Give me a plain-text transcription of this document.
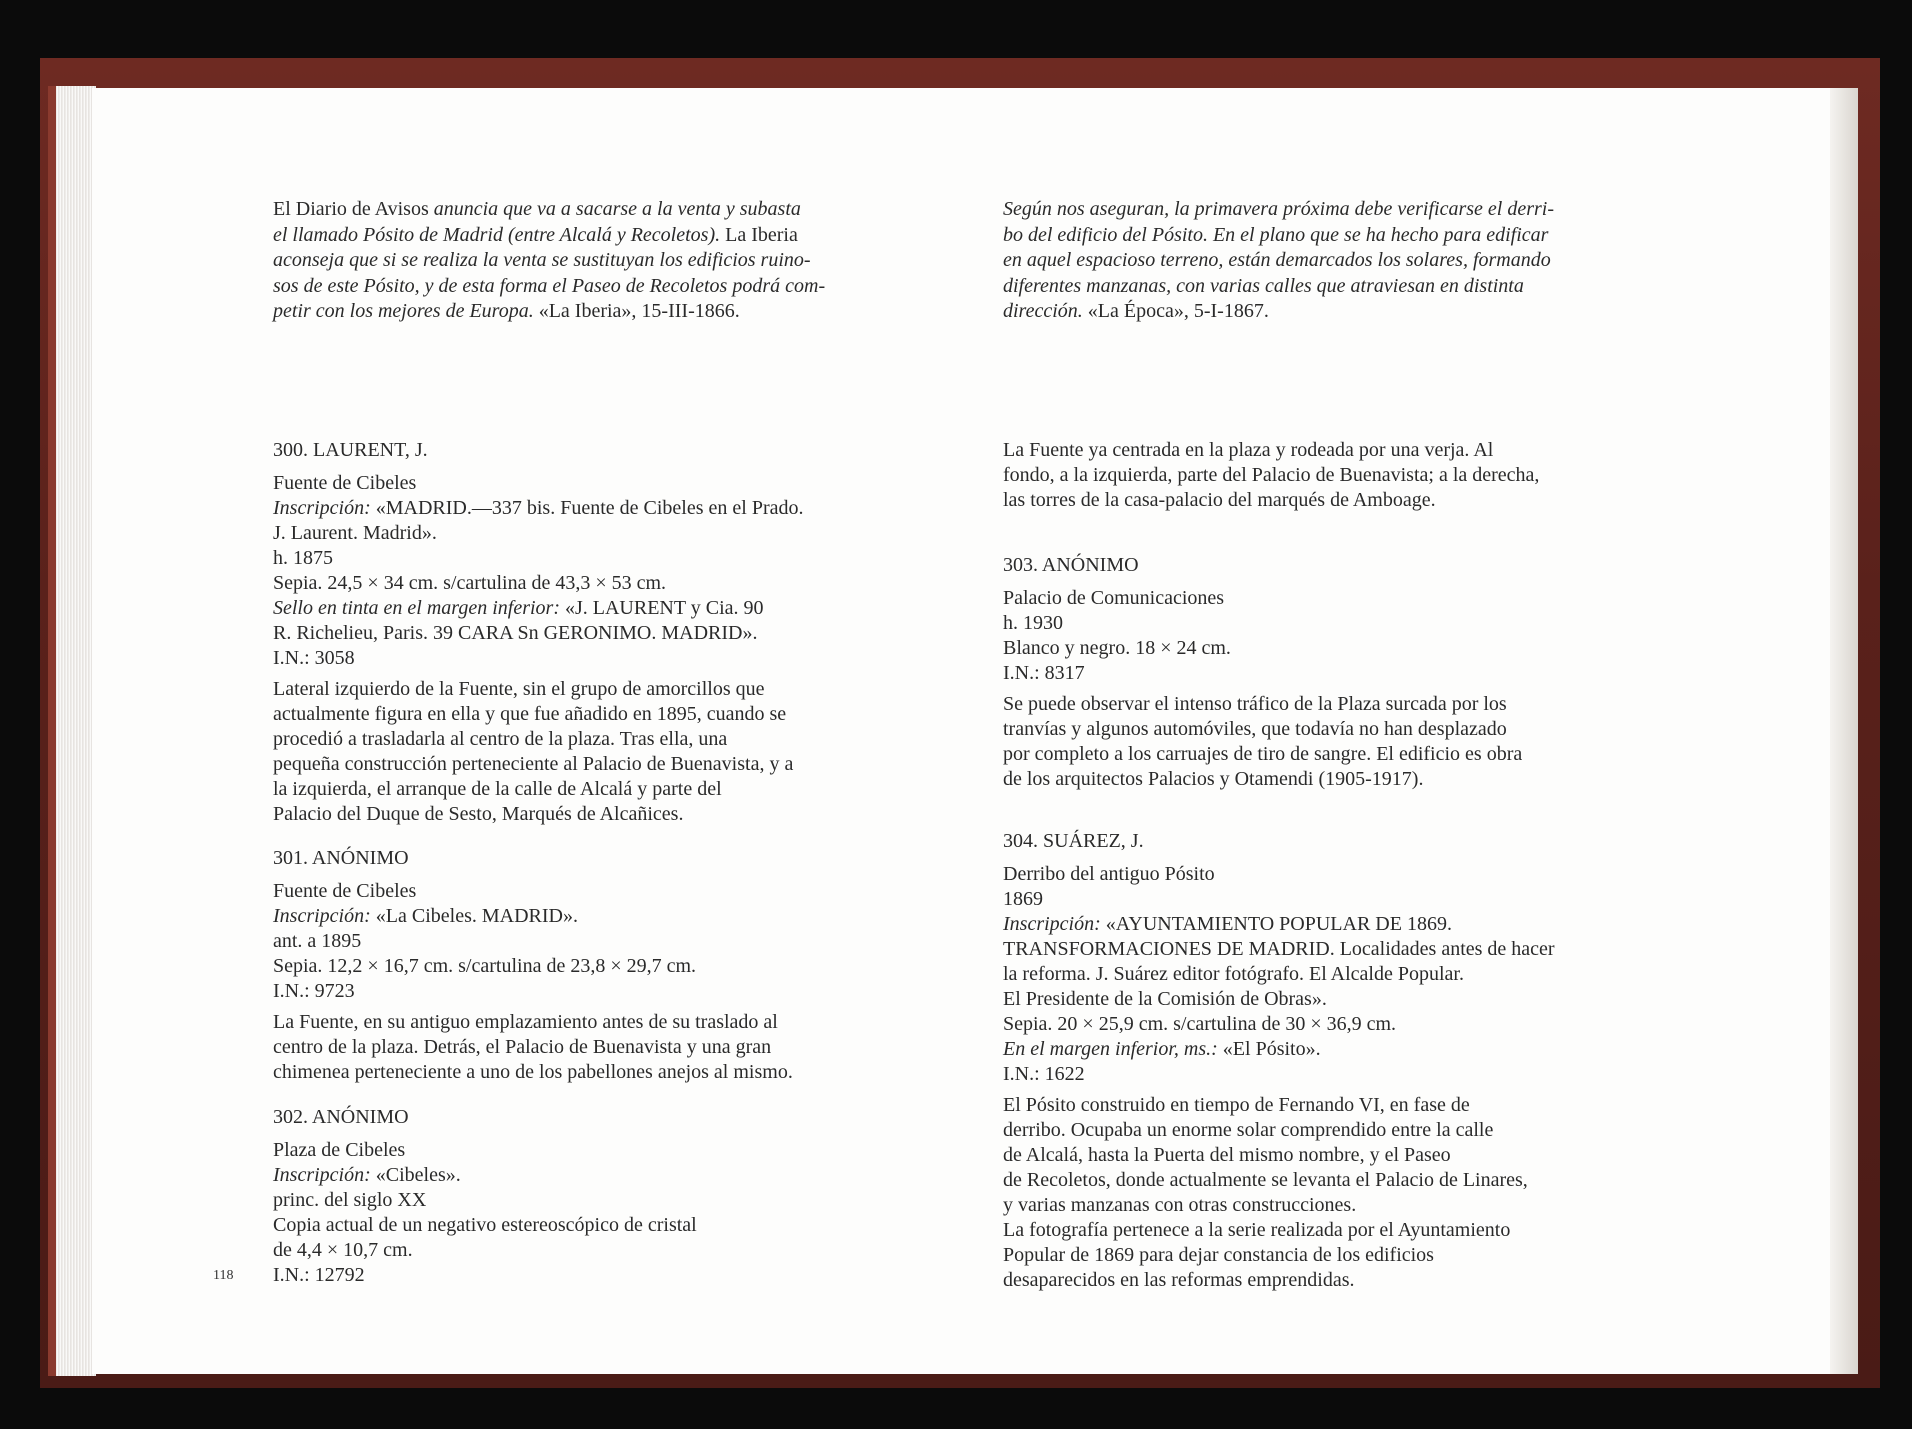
El Diario de Avisos anuncia que va a sacarse a la venta y subasta
el llamado Pósito de Madrid (entre Alcalá y Recoletos). La Iberia
aconseja que si se realiza la venta se sustituyan los edificios ruino-
sos de este Pósito, y de esta forma el Paseo de Recoletos podrá com-
petir con los mejores de Europa. «La Iberia», 15-III-1866.
Según nos aseguran, la primavera próxima debe verificarse el derri-
bo del edificio del Pósito. En el plano que se ha hecho para edificar
en aquel espacioso terreno, están demarcados los solares, formando
diferentes manzanas, con varias calles que atraviesan en distinta
dirección. «La Época», 5-I-1867.

300. LAURENT, J.

Fuente de Cibeles

Inscripción: «MADRID.—337 bis. Fuente de Cibeles en el Prado.

J. Laurent. Madrid».

h. 1875

Sepia. 24,5 × 34 cm. s/cartulina de 43,3 × 53 cm.

Sello en tinta en el margen inferior: «J. LAURENT y Cia. 90

R. Richelieu, Paris. 39 CARA Sn GERONIMO. MADRID».

I.N.: 3058

Lateral izquierdo de la Fuente, sin el grupo de amorcillos que

actualmente figura en ella y que fue añadido en 1895, cuando se

procedió a trasladarla al centro de la plaza. Tras ella, una

pequeña construcción perteneciente al Palacio de Buenavista, y a

la izquierda, el arranque de la calle de Alcalá y parte del

Palacio del Duque de Sesto, Marqués de Alcañices.

301. ANÓNIMO

Fuente de Cibeles

Inscripción: «La Cibeles. MADRID».

ant. a 1895

Sepia. 12,2 × 16,7 cm. s/cartulina de 23,8 × 29,7 cm.

I.N.: 9723

La Fuente, en su antiguo emplazamiento antes de su traslado al

centro de la plaza. Detrás, el Palacio de Buenavista y una gran

chimenea perteneciente a uno de los pabellones anejos al mismo.

302. ANÓNIMO

Plaza de Cibeles

Inscripción: «Cibeles».

princ. del siglo XX

Copia actual de un negativo estereoscópico de cristal

de 4,4 × 10,7 cm.

I.N.: 12792

118

La Fuente ya centrada en la plaza y rodeada por una verja. Al

fondo, a la izquierda, parte del Palacio de Buenavista; a la derecha,

las torres de la casa-palacio del marqués de Amboage.

303. ANÓNIMO

Palacio de Comunicaciones

h. 1930

Blanco y negro. 18 × 24 cm.

I.N.: 8317

Se puede observar el intenso tráfico de la Plaza surcada por los

tranvías y algunos automóviles, que todavía no han desplazado

por completo a los carruajes de tiro de sangre. El edificio es obra

de los arquitectos Palacios y Otamendi (1905-1917).

304. SUÁREZ, J.

Derribo del antiguo Pósito

1869

Inscripción: «AYUNTAMIENTO POPULAR DE 1869.

TRANSFORMACIONES DE MADRID. Localidades antes de hacer

la reforma. J. Suárez editor fotógrafo. El Alcalde Popular.

El Presidente de la Comisión de Obras».

Sepia. 20 × 25,9 cm. s/cartulina de 30 × 36,9 cm.

En el margen inferior, ms.: «El Pósito».

I.N.: 1622

El Pósito construido en tiempo de Fernando VI, en fase de

derribo. Ocupaba un enorme solar comprendido entre la calle

de Alcalá, hasta la Puerta del mismo nombre, y el Paseo

de Recoletos, donde actualmente se levanta el Palacio de Linares,

y varias manzanas con otras construcciones.

La fotografía pertenece a la serie realizada por el Ayuntamiento

Popular de 1869 para dejar constancia de los edificios

desaparecidos en las reformas emprendidas.
